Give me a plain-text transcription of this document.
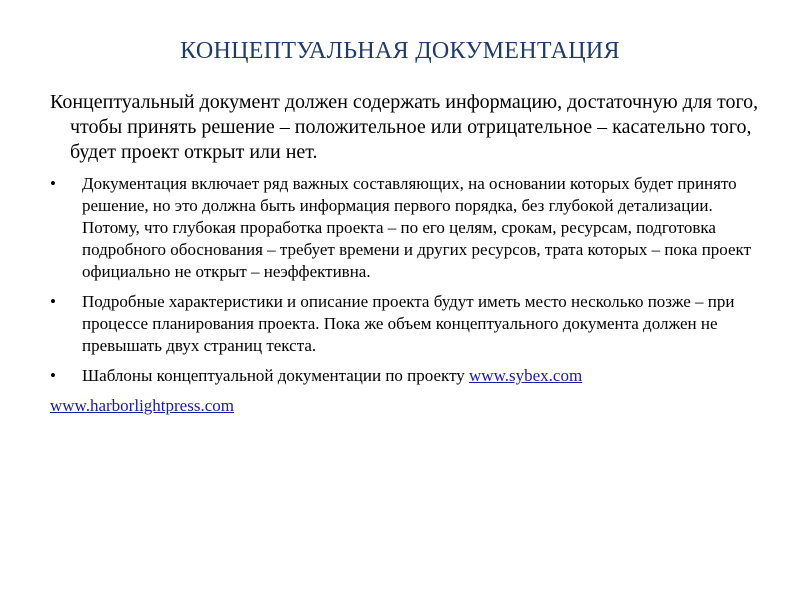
КОНЦЕПТУАЛЬНАЯ ДОКУМЕНТАЦИЯ

Концептуальный документ должен содержать информацию, достаточную для того, чтобы принять решение – положительное или отрицательное – касательно того, будет проект открыт или нет.

•	Документация включает ряд важных составляющих, на основании которых будет принято решение, но это должна быть информация первого порядка, без глубокой детализации. Потому, что глубокая проработка проекта – по его целям, срокам, ресурсам, подготовка подробного обоснования – требует времени и других ресурсов, трата которых – пока проект официально не открыт – неэффективна.
•	Подробные характеристики и описание проекта будут иметь место несколько позже – при процессе планирования проекта. Пока же объем концептуального документа должен не превышать двух страниц текста.
•	Шаблоны концептуальной документации по проекту www.sybex.com

www.harborlightpress.com
